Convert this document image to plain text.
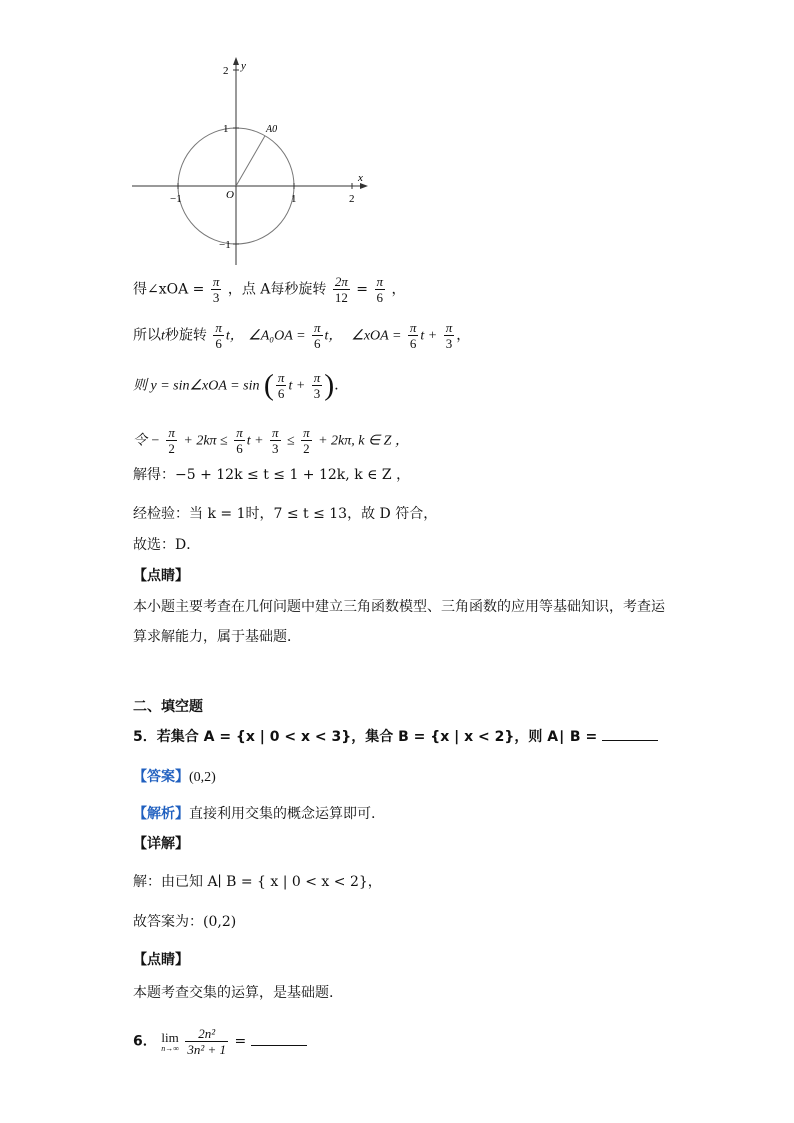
y
2
1
−1
−1	1	2
x
O
A0
得∠xOA = $\frac{\pi}{3}$ ，点 A每秒旋转 $\frac{2\pi}{12} = \frac{\pi}{6}$ ，
所以t秒旋转 $\frac{\pi}{6}$ t， ∠A₀OA = $\frac{\pi}{6}$ t， ∠xOA = $\frac{\pi}{6}$ $t + \frac{\pi}{3}$ ，
则 y = sin∠xOA = sin ( $\frac{\pi}{6}$ $t + \frac{\pi}{3}$ )．
令 − $\frac{\pi}{2} + 2k\pi \le \frac{\pi}{6}$ $t + \frac{\pi}{3} \le \frac{\pi}{2} + 2k\pi$, k ∈ Z ，
解得：−5 + 12k ≤ t ≤ 1 + 12k, k ∈ Z ，
经检验：当 k = 1时，7 ≤ t ≤ 13，故 D 符合，
故选：D．
【点睛】
本小题主要考查在几何问题中建立三角函数模型、三角函数的应用等基础知识，考查运
算求解能力，属于基础题．
二、填空题
5．若集合 A = {x | 0 < x < 3}，集合 B = {x | x < 2}，则 A∣ B =
【答案】(0,2)
【解析】直接利用交集的概念运算即可.
【详解】
解：由已知 A∣ B = { x | 0 < x < 2}，
故答案为：(0,2)
【点睛】
本题考查交集的运算，是基础题.
6． lim
n→∞
$\frac{\text{2n²}}{\text{3n² + 1}}$ =
